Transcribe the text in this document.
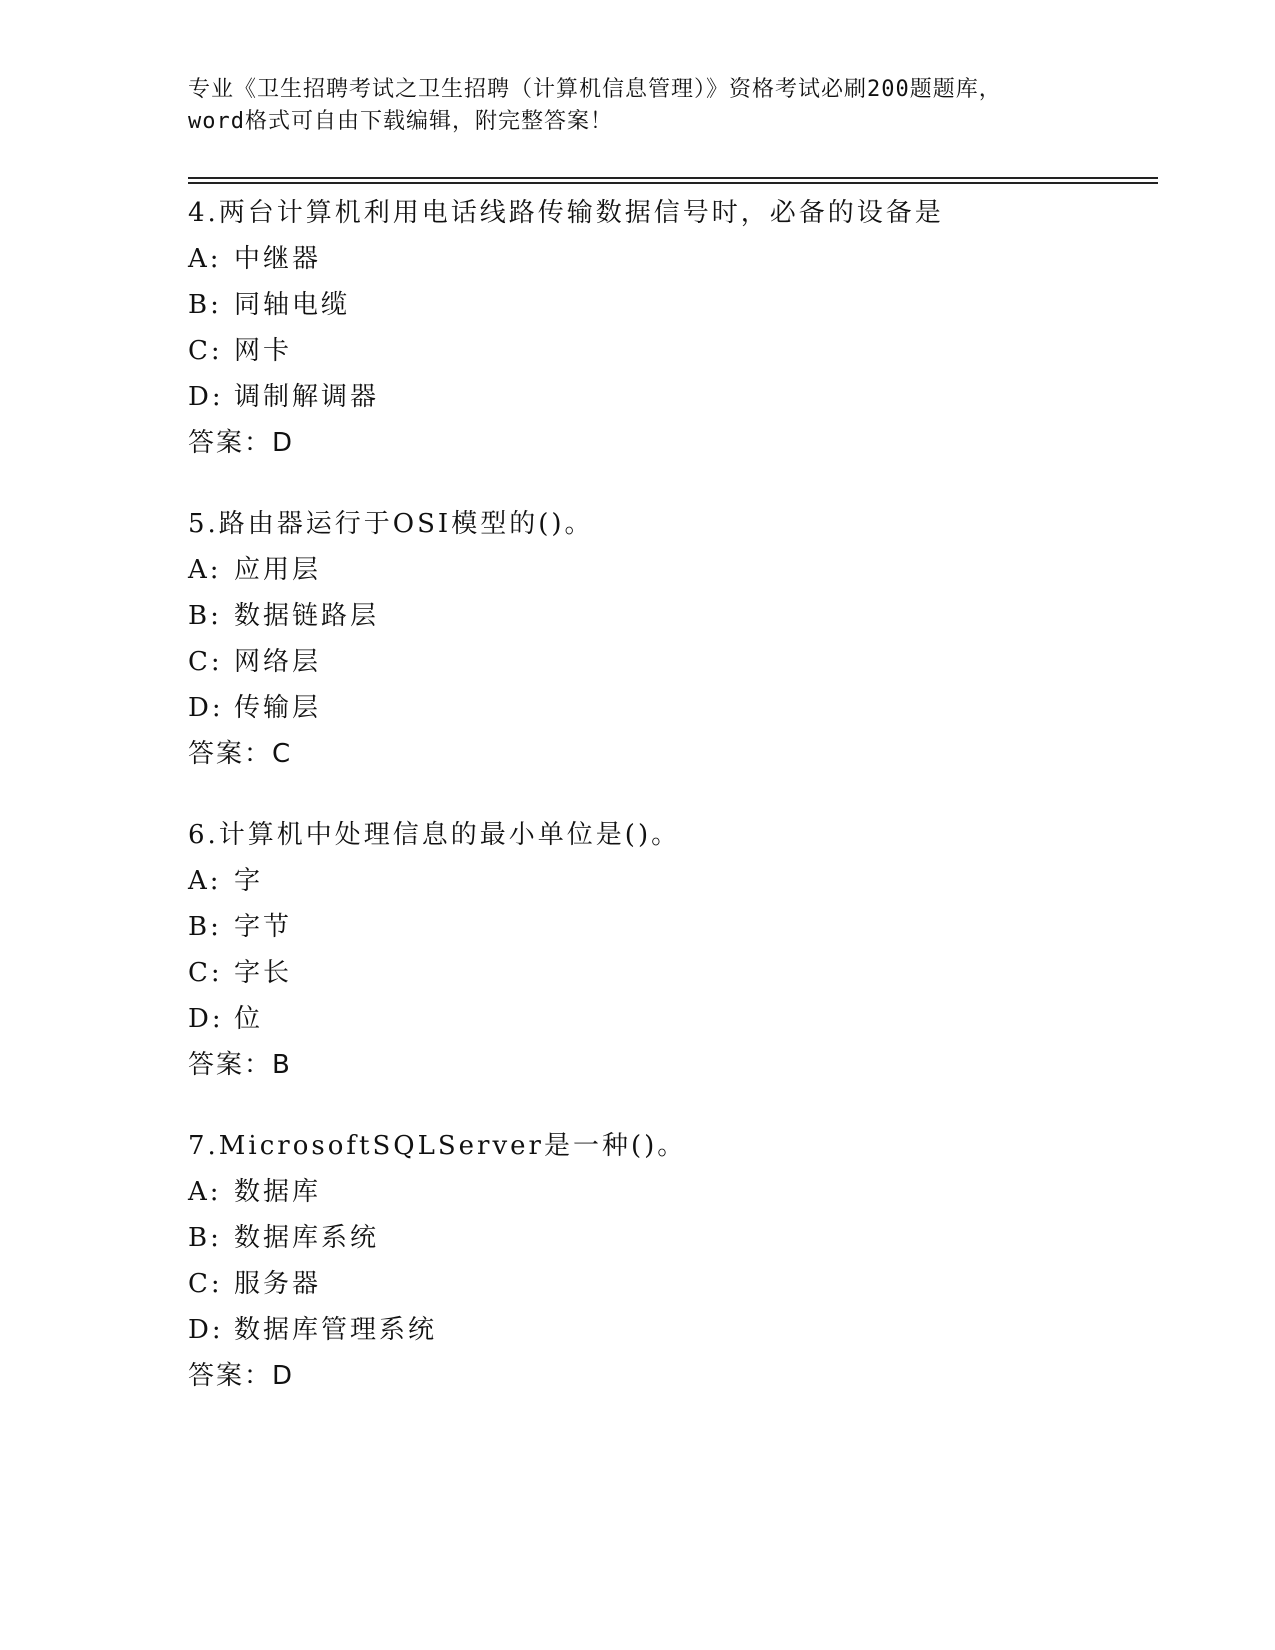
专业《卫生招聘考试之卫生招聘（计算机信息管理）》资格考试必刷200题题库，
word格式可自由下载编辑，附完整答案！
4.两台计算机利用电话线路传输数据信号时，必备的设备是
A: 中继器
B: 同轴电缆
C: 网卡
D: 调制解调器
答案：D
5.路由器运行于OSI模型的()。
A: 应用层
B: 数据链路层
C: 网络层
D: 传输层
答案：C
6.计算机中处理信息的最小单位是()。
A: 字
B: 字节
C: 字长
D: 位
答案：B
7.MicrosoftSQLServer是一种()。
A: 数据库
B: 数据库系统
C: 服务器
D: 数据库管理系统
答案：D
